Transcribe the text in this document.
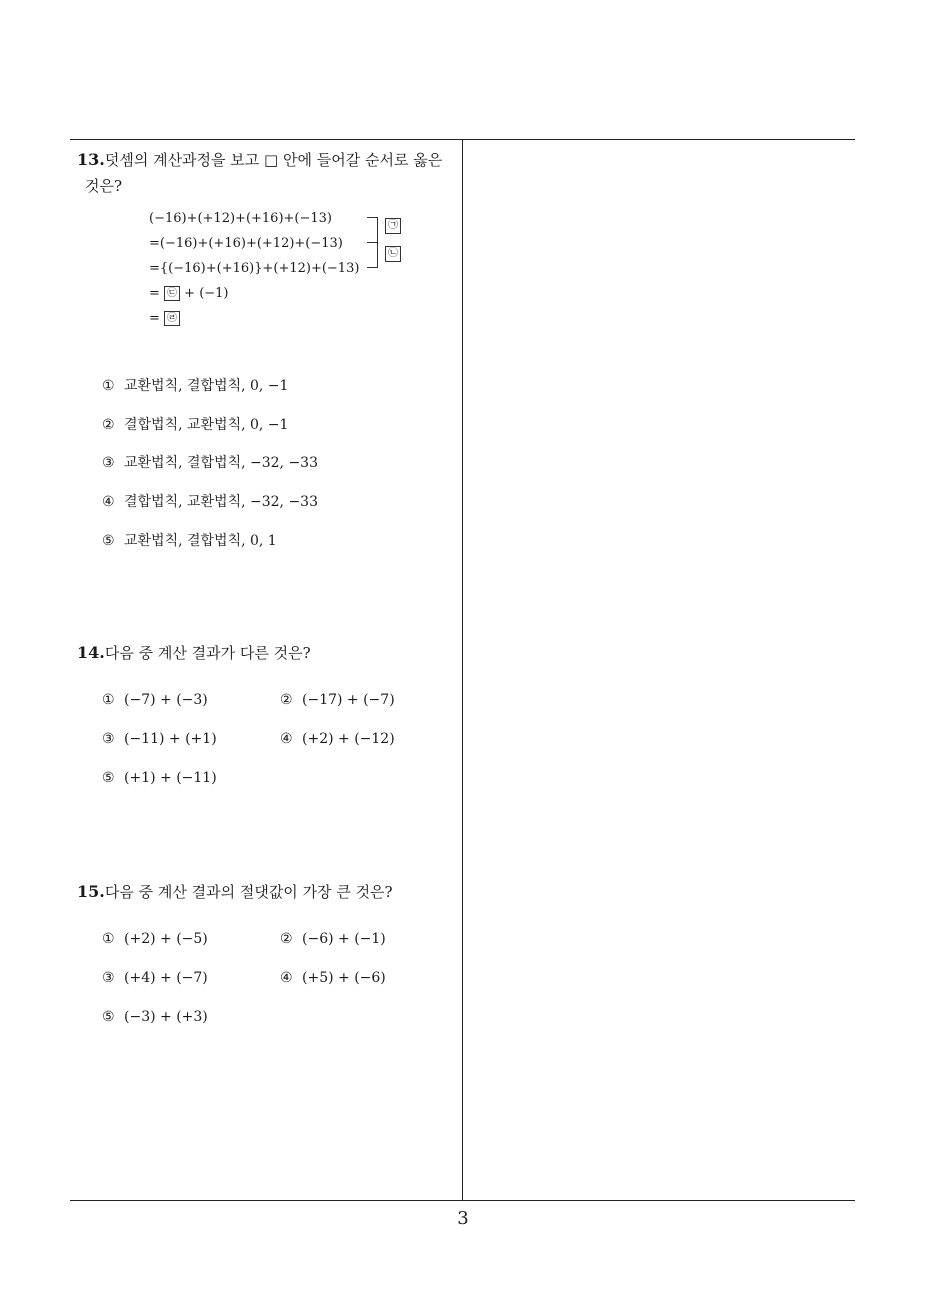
13.덧셈의 계산과정을 보고 □ 안에 들어갈 순서로 옳은
것은?
(−16)+(+12)+(+16)+(−13)
=(−16)+(+16)+(+12)+(−13)
={(−16)+(+16)}+(+12)+(−13)
= ㉢ + (−1)
= ㉣
㉠
㉡
① 교환법칙, 결합법칙, 0, −1
② 결합법칙, 교환법칙, 0, −1
③ 교환법칙, 결합법칙, −32, −33
④ 결합법칙, 교환법칙, −32, −33
⑤ 교환법칙, 결합법칙, 0, 1
14.다음 중 계산 결과가 다른 것은?
① (−7) + (−3)	② (−17) + (−7)
③ (−11) + (+1)	④ (+2) + (−12)
⑤ (+1) + (−11)
15.다음 중 계산 결과의 절댓값이 가장 큰 것은?
① (+2) + (−5)	② (−6) + (−1)
③ (+4) + (−7)	④ (+5) + (−6)
⑤ (−3) + (+3)
3
